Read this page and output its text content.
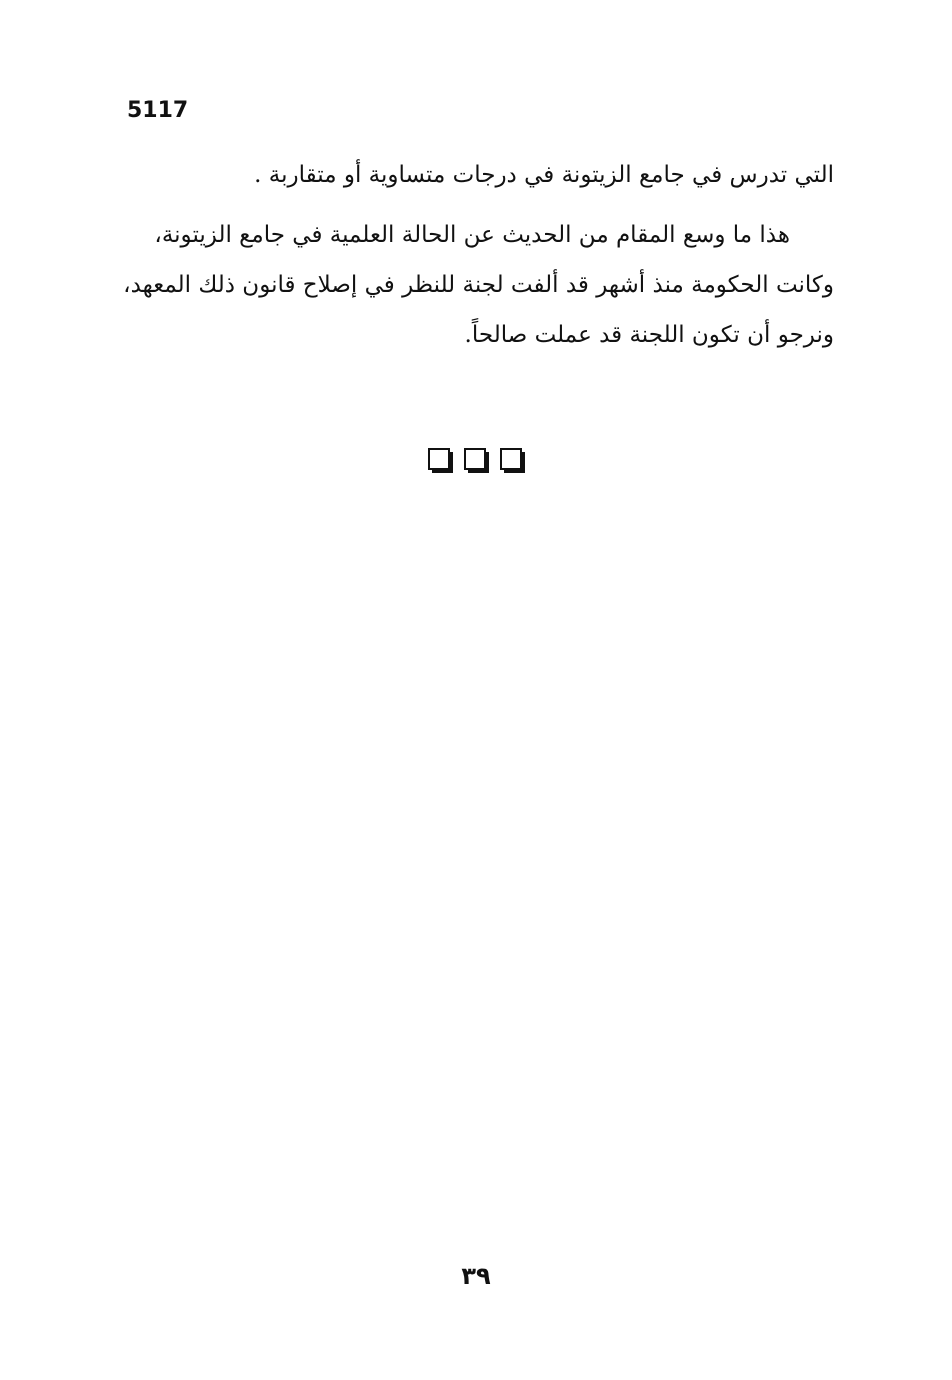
5117

التي تدرس في جامع الزيتونة في درجات متساوية أو متقاربة .

هذا ما وسع المقام من الحديث عن الحالة العلمية في جامع الزيتونة،

وكانت الحكومة منذ أشهر قد ألفت لجنة للنظر في إصلاح قانون ذلك المعهد،

ونرجو أن تكون اللجنة قد عملت صالحاً.

٣٩
